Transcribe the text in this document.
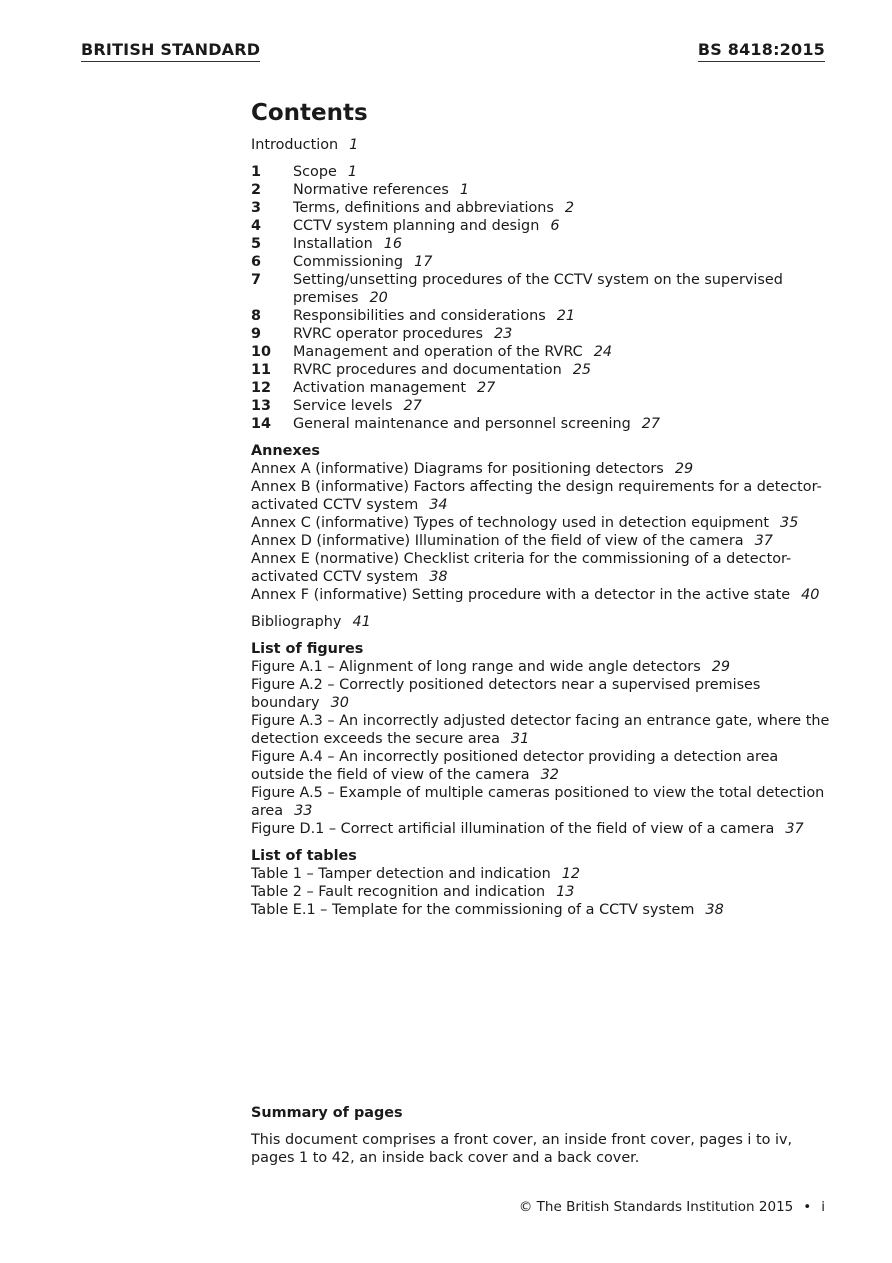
BRITISH STANDARD	BS 8418:2015
Contents
Introduction 1
1	Scope 1
2	Normative references 1
3	Terms, definitions and abbreviations 2
4	CCTV system planning and design 6
5	Installation 16
6	Commissioning 17
7	Setting/unsetting procedures of the CCTV system on the supervised premises 20
8	Responsibilities and considerations 21
9	RVRC operator procedures 23
10	Management and operation of the RVRC 24
11	RVRC procedures and documentation 25
12	Activation management 27
13	Service levels 27
14	General maintenance and personnel screening 27
Annexes
Annex A (informative) Diagrams for positioning detectors 29
Annex B (informative) Factors affecting the design requirements for a detector-activated CCTV system 34
Annex C (informative) Types of technology used in detection equipment 35
Annex D (informative) Illumination of the field of view of the camera 37
Annex E (normative) Checklist criteria for the commissioning of a detector-activated CCTV system 38
Annex F (informative) Setting procedure with a detector in the active state 40
Bibliography 41
List of figures
Figure A.1 – Alignment of long range and wide angle detectors 29
Figure A.2 – Correctly positioned detectors near a supervised premises boundary 30
Figure A.3 – An incorrectly adjusted detector facing an entrance gate, where the detection exceeds the secure area 31
Figure A.4 – An incorrectly positioned detector providing a detection area outside the field of view of the camera 32
Figure A.5 – Example of multiple cameras positioned to view the total detection area 33
Figure D.1 – Correct artificial illumination of the field of view of a camera 37
List of tables
Table 1 – Tamper detection and indication 12
Table 2 – Fault recognition and indication 13
Table E.1 – Template for the commissioning of a CCTV system 38
Summary of pages

This document comprises a front cover, an inside front cover, pages i to iv, pages 1 to 42, an inside back cover and a back cover.

© The British Standards Institution 2015 • i
